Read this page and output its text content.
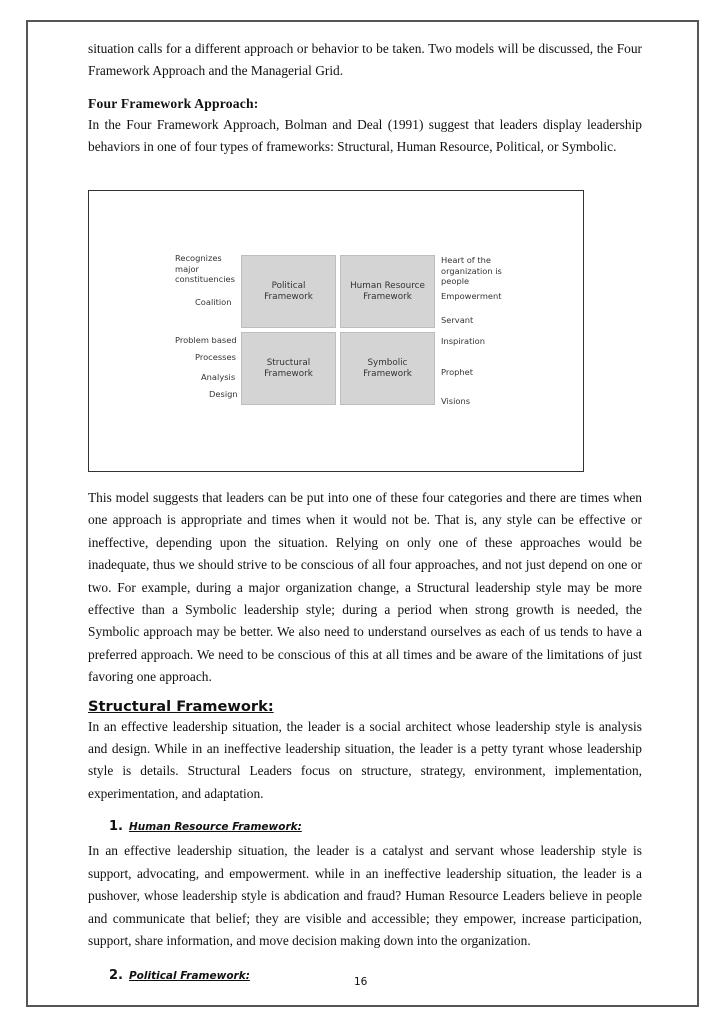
situation calls for a different approach or behavior to be taken. Two models will be discussed, the Four Framework Approach and the Managerial Grid.

Four Framework Approach:

In the Four Framework Approach, Bolman and Deal (1991) suggest that leaders display leadership behaviors in one of four types of frameworks: Structural, Human Resource, Political, or Symbolic.

Recognizes
major
constituencies
Coalition
Problem based
Processes
Analysis
Design
Political
Framework
Human Resource
Framework
Structural
Framework
Symbolic
Framework
Heart of the
organization is
people
Empowerment
Servant
Inspiration
Prophet
Visions

This model suggests that leaders can be put into one of these four categories and there are times when one approach is appropriate and times when it would not be. That is, any style can be effective or ineffective, depending upon the situation. Relying on only one of these approaches would be inadequate, thus we should strive to be conscious of all four approaches, and not just depend on one or two. For example, during a major organization change, a Structural leadership style may be more effective than a Symbolic leadership style; during a period when strong growth is needed, the Symbolic approach may be better. We also need to understand ourselves as each of us tends to have a preferred approach. We need to be conscious of this at all times and be aware of the limitations of just favoring one approach.

Structural Framework:

In an effective leadership situation, the leader is a social architect whose leadership style is analysis and design. While in an ineffective leadership situation, the leader is a petty tyrant whose leadership style is details. Structural Leaders focus on structure, strategy, environment, implementation, experimentation, and adaptation.

1. Human Resource Framework:

In an effective leadership situation, the leader is a catalyst and servant whose leadership style is support, advocating, and empowerment. while in an ineffective leadership situation, the leader is a pushover, whose leadership style is abdication and fraud? Human Resource Leaders believe in people and communicate that belief; they are visible and accessible; they empower, increase participation, support, share information, and move decision making down into the organization.

2. Political Framework:	16
